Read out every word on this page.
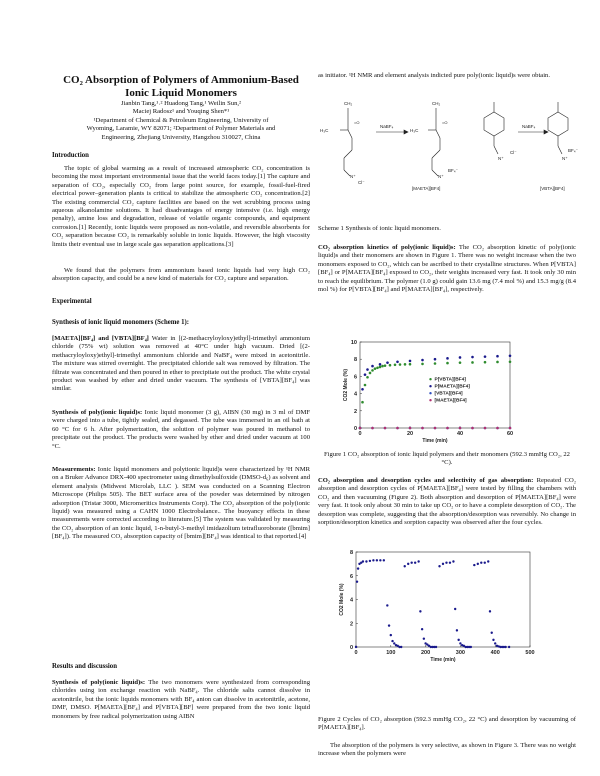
CO₂ Absorption of Polymers of Ammonium-Based Ionic Liquid Monomers
Jianbin Tang,¹˒² Huadong Tang,¹ Weilin Sun,²
Maciej Radosz¹ and Youqing Shen*¹
¹Department of Chemical & Petroleum Engineering, University of
Wyoming, Laramie, WY 82071; ²Department of Polymer Materials and
Engineering, Zhejiang University, Hangzhou 310027, China
Introduction

The topic of global warming as a result of increased atmospheric CO₂ concentration is becoming the most important environmental issue that the world faces today.[1] The capture and separation of CO₂, especially CO₂ from large point source, for example, fossil-fuel-fired electrical power–generation plants is critical to stabilize the atmospheric CO₂ concentration.[2] The existing commercial CO₂ capture facilities are based on the wet scrubbing process using aqueous alkanolamine solutions. It had disadvantages of energy intensive (i.e. high energy penalty), amine loss and degradation, release of volatile organic compounds, and equipment corrosion.[1] Recently, ionic liquids were proposed as non-volatile, and reversible absorbents for CO₂ separation because CO₂ is remarkably soluble in ionic liquids. However, the high viscosity limits their eventual use in large scale gas separation applications.[3]

We found that the polymers from ammonium based ionic liquids had very high CO₂ absorption capacity, and could be a new kind of materials for CO₂ capture and separation.

Experimental
Synthesis of ionic liquid monomers (Scheme 1):

[MAETA][BF₄] and [VBTA][BF₄] Water in [(2-methacryloyloxy)ethyl]-trimethyl ammonium chloride (75% wt) solution was removed at 40°C under high vacuum. Dried [(2-methacryloyloxy)ethyl]-trimethyl ammonium chloride and NaBF₄ were mixed in acetonitrile. The mixture was stirred overnight. The precipitated chloride salt was removed by filtration. The filtrate was concentrated and then poured in ether to precipitate out the product. The white crystal product was washed by ether and dried under vacuum. The synthesis of [VBTA][BF₄] was similar.

Synthesis of poly(ionic liquid)s: Ionic liquid monomer (3 g), AIBN (30 mg) in 3 ml of DMF were charged into a tube, tightly sealed, and degassed. The tube was immersed in an oil bath at 60 °C for 6 h. After polymerization, the solution of polymer was poured in methanol to precipitate out the product. The products were washed by ether and dried under vacuum at 100 °C.

Measurements: Ionic liquid monomers and polytionic liquid)s were characterized by ¹H NMR on a Bruker Advance DRX-400 spectrometer using dimethylsulfoxide (DMSO-d₆) as solvent and element analysis (Midwest Microlab, LLC ). SEM was conducted on a Scanning Electron Microscope (Philips 505). The BET surface area of the powder was determined by nitrogen adsorption (Tristar 3000, Micromeritics Instruments Corp). The CO₂ absorption of the poly(ionic liquid) was measured using a CAHN 1000 Electrobalance.. The buoyancy effects in these measurements were corrected according to literature.[5] The system was validated by measuring the CO₂ absorption of an ionic liquid, 1-n-butyl-3-methyl imidazolium tetrafluoroborate ([bmim][BF₄]). The measured CO₂ absorption capacity of [bmim][BF₄] was identical to that reported.[4]

Results and discussion

Synthesis of poly(ionic liquid)s: The two monomers were synthesized from corresponding chlorides using ion exchange reaction with NaBF₄. The chloride salts cannot dissolve in acetonitrile, but the ionic liquids monomers with BF₄ anion can dissolve in acetonitrile, acetone, DMF, DMSO. P[MAETA][BF₄] and P[VBTA][BF] were prepared from the two ionic liquid monomers by free radical polymerization using AIBN

as initiator. ¹H NMR and element analysis indicted pure poly(ionic liquid)s were obtain.

H₃C
CH₂
=O
N⁺
Cl⁻
NaBF₄
H₃C
CH₂
=O
N⁺
BF₄⁻
[MAETA][BF4]
N⁺
Cl⁻
NaBF₄
N⁺
BF₄⁻
[VBTA][BF4]

Scheme 1 Synthesis of ionic liquid monomers.

CO₂ absorption kinetics of poly(ionic liquid)s: The CO₂ absorption kinetic of poly(ionic liquid)s and their monomers are shown in Figure 1. There was no weight increase when the two monomers exposed to CO₂, which can be ascribed to their crystalline structures. When P[VBTA][BF₄] or P[MAETA][BF₄] exposed to CO₂, their weights increased very fast. It took only 30 min to reach the equilibrium. The polymer (1.0 g) could gain 13.6 mg (7.4 mol %) and 15.3 mg/g (8.4 mol %) for P[VBTA][BF₄] and P[MAETA][BF₄], respectively.

0	20	40	60
0
2
4
6
8
10
Time (min)
CO2 Mole (%)	P[VBTA][BF4]
P[MAETA][BF4]
[VBTA][BF4]
[MAETA][BF4]

Figure 1 CO₂ absorption of ionic liquid polymers and their monomers (592.3 mmHg CO₂, 22 °C).

CO₂ absorption and desorption cycles and selectivity of gas absorption: Repeated CO₂ absorption and desorption cycles of P[MAETA][BF₄] were tested by filling the chambers with CO₂ and then vacuuming (Figure 2). Both absorption and desorption of P[MAETA][BF₄] were very fast. It took only about 30 min to take up CO₂ or to have a complete desorption of CO₂. The desorption was complete, suggesting that the absorption/desorption was reversibly. No change in sorption/desorption kinetics and sorption capacity was observed after the four cycles.

0	100	200	300	400	500
0
2
4
6
8
Time (min)
CO2 Mole (%)

Figure 2 Cycles of CO₂ absorption (592.3 mmHg CO₂, 22 °C) and desorption by vacuuming of P[MAETA][BF₄].

The absorption of the polymers is very selective, as shown in Figure 3. There was no weight increase when the polymers were
